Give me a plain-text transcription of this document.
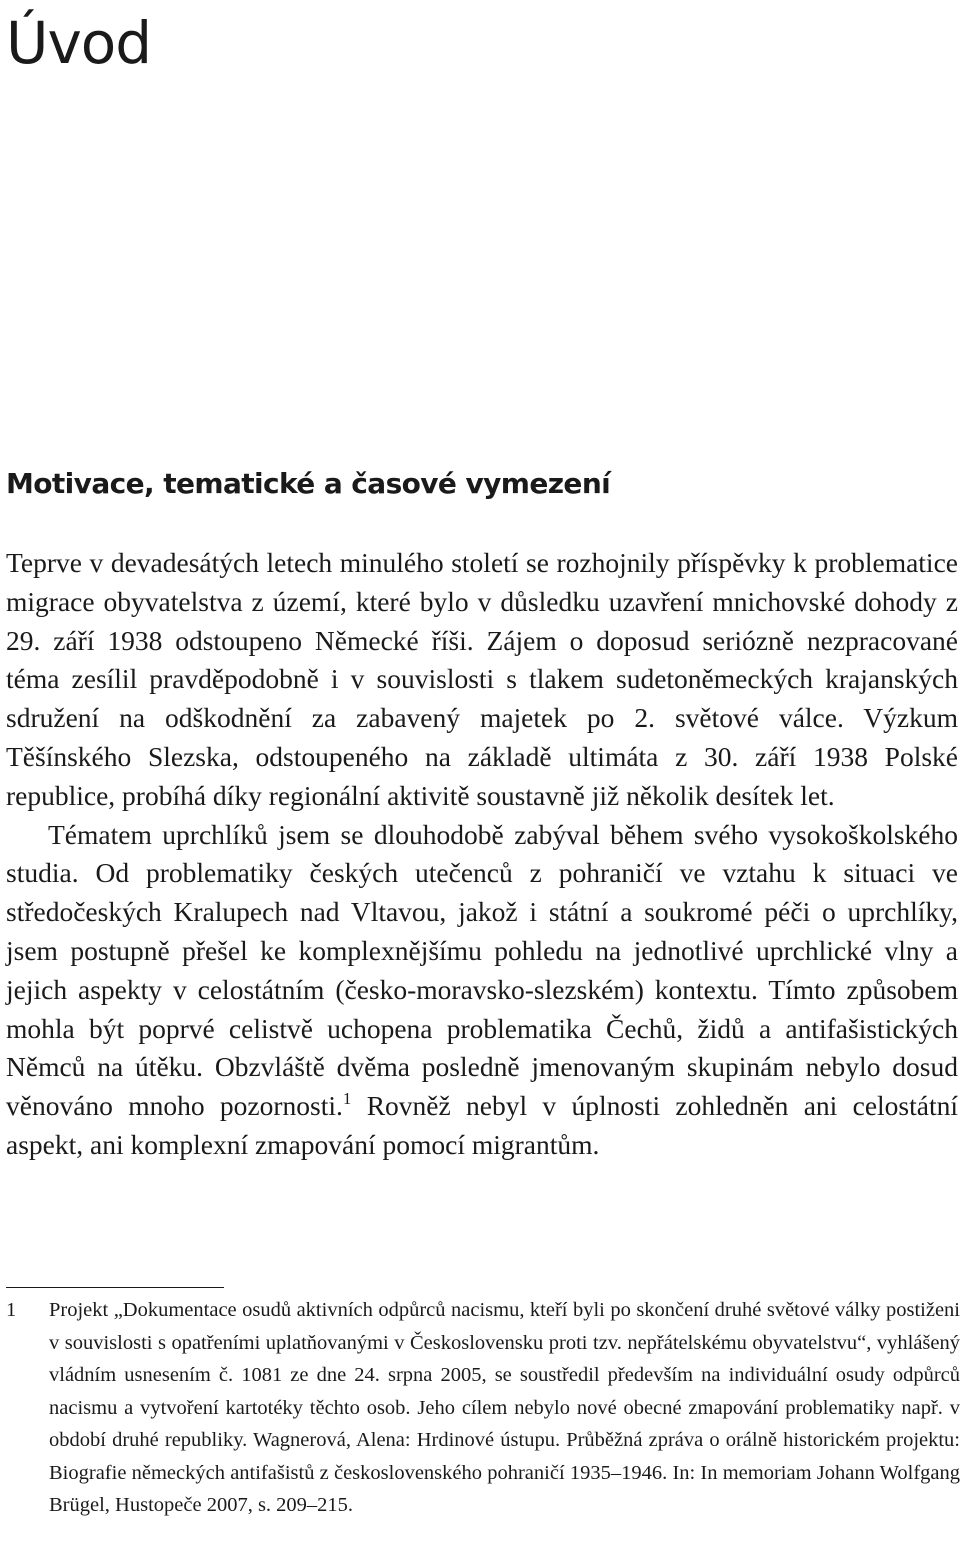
Úvod
Motivace, tematické a časové vymezení

Teprve v devadesátých letech minulého století se rozhojnily příspěvky k problematice migrace obyvatelstva z území, které bylo v důsledku uzavření mnichovské dohody z 29. září 1938 odstoupeno Německé říši. Zájem o doposud seriózně nezpracované téma zesílil pravděpodobně i v souvislosti s tlakem sudetoněmeckých krajanských sdružení na odškodnění za zabavený majetek po 2. světové válce. Výzkum Těšínského Slezska, odstoupeného na základě ultimáta z 30. září 1938 Polské republice, probíhá díky regionální aktivitě soustavně již několik desítek let.

Tématem uprchlíků jsem se dlouhodobě zabýval během svého vysokoškolského studia. Od problematiky českých utečenců z pohraničí ve vztahu k situaci ve středočeských Kralupech nad Vltavou, jakož i státní a soukromé péči o uprchlíky, jsem postupně přešel ke komplexnějšímu pohledu na jednotlivé uprchlické vlny a jejich aspekty v celostátním (česko-moravsko-slezském) kontextu. Tímto způsobem mohla být poprvé celistvě uchopena problematika Čechů, židů a antifašistických Němců na útěku. Obzvláště dvěma posledně jmenovaným skupinám nebylo dosud věnováno mnoho pozornosti.$^1$ Rovněž nebyl v úplnosti zohledněn ani celostátní aspekt, ani komplexní zmapování pomocí migrantům.

1 Projekt „Dokumentace osudů aktivních odpůrců nacismu, kteří byli po skončení druhé světové války postiženi v souvislosti s opatřeními uplatňovanými v Československu proti tzv. nepřátelskému obyvatelstvu“, vyhlášený vládním usnesením č. 1081 ze dne 24. srpna 2005, se soustředil především na individuální osudy odpůrců nacismu a vytvoření kartotéky těchto osob. Jeho cílem nebylo nové obecné zmapování problematiky např. v období druhé republiky. Wagnerová, Alena: Hrdinové ústupu. Průběžná zpráva o orálně historickém projektu: Biografie německých antifašistů z československého pohraničí 1935–1946. In: In memoriam Johann Wolfgang Brügel, Hustopeče 2007, s. 209–215.
